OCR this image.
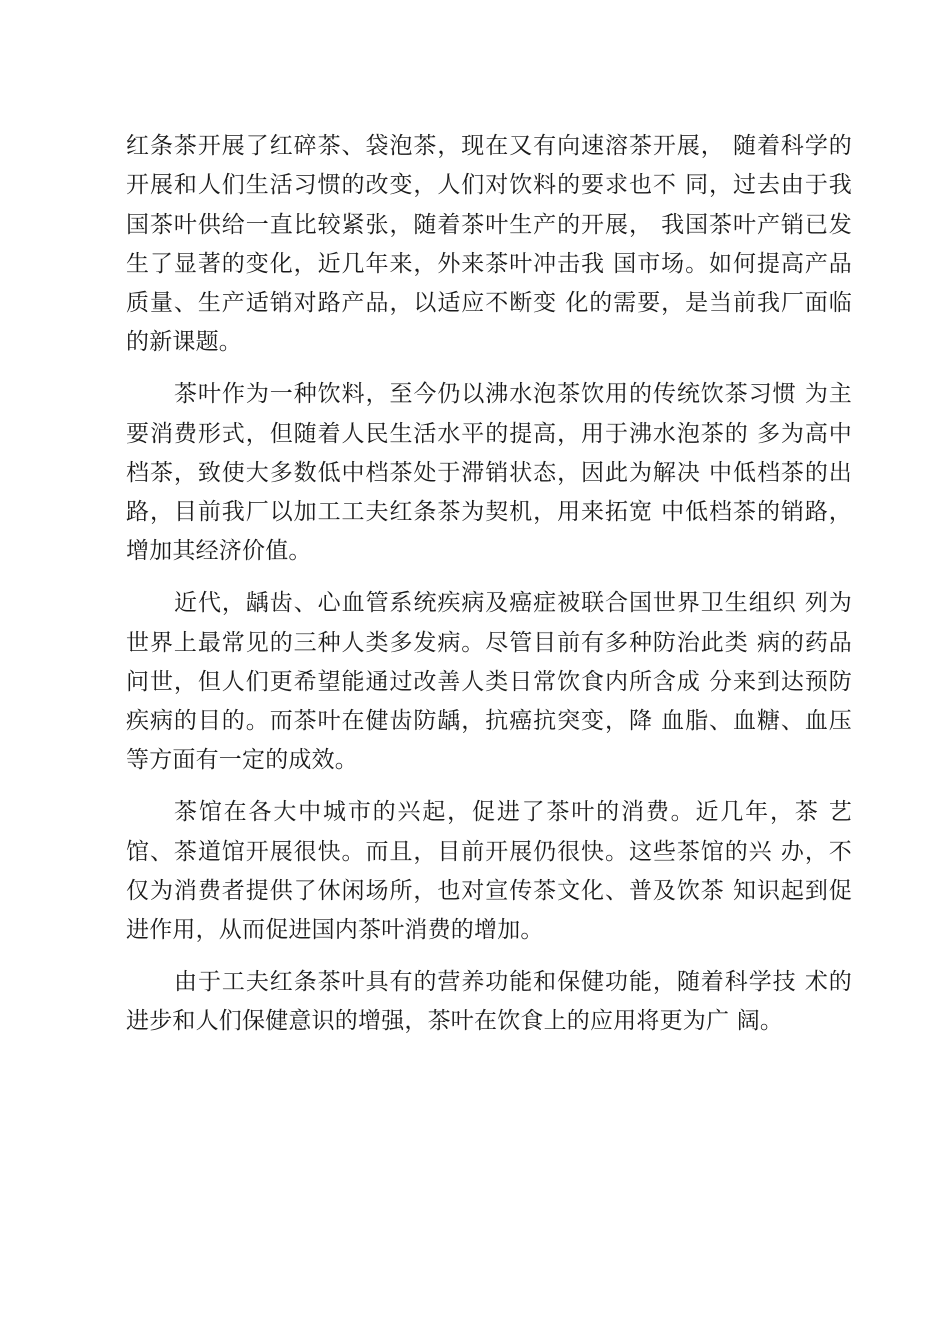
红条茶开展了红碎茶、袋泡茶，现在又有向速溶茶开展， 随着科学的开展和人们生活习惯的改变，人们对饮料的要求也不 同，过去由于我国茶叶供给一直比较紧张，随着茶叶生产的开展， 我国茶叶产销已发生了显著的变化，近几年来，外来茶叶冲击我 国市场。如何提高产品质量、生产适销对路产品，以适应不断变 化的需要，是当前我厂面临的新课题。

茶叶作为一种饮料，至今仍以沸水泡茶饮用的传统饮茶习惯 为主要消费形式，但随着人民生活水平的提高，用于沸水泡茶的 多为高中档茶，致使大多数低中档茶处于滞销状态，因此为解决 中低档茶的出路，目前我厂以加工工夫红条茶为契机，用来拓宽 中低档茶的销路，增加其经济价值。

近代，龋齿、心血管系统疾病及癌症被联合国世界卫生组织 列为世界上最常见的三种人类多发病。尽管目前有多种防治此类 病的药品问世，但人们更希望能通过改善人类日常饮食内所含成 分来到达预防疾病的目的。而茶叶在健齿防龋，抗癌抗突变，降 血脂、血糖、血压等方面有一定的成效。

茶馆在各大中城市的兴起，促进了茶叶的消费。近几年，茶 艺馆、茶道馆开展很快。而且，目前开展仍很快。这些茶馆的兴 办，不仅为消费者提供了休闲场所，也对宣传茶文化、普及饮茶 知识起到促进作用，从而促进国内茶叶消费的增加。

由于工夫红条茶叶具有的营养功能和保健功能，随着科学技 术的进步和人们保健意识的增强，茶叶在饮食上的应用将更为广 阔。
